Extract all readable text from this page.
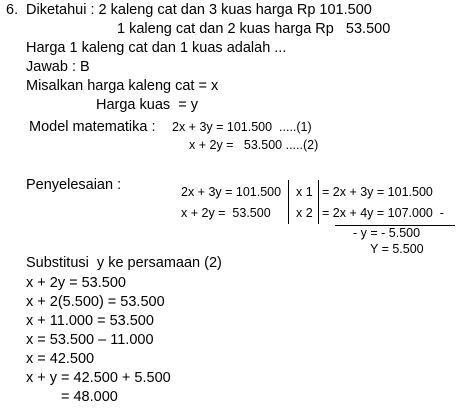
6. Diketahui : 2 kaleng cat dan 3 kuas harga Rp 101.500
1 kaleng cat dan 2 kuas harga Rp   53.500
Harga 1 kaleng cat dan 1 kuas adalah ...
Jawab : B
Misalkan harga kaleng cat = x
Harga kuas  = y
Model matematika : 2x + 3y = 101.500  .....(1)
x + 2y =   53.500 .....(2)
Penyelesaian :	2x + 3y = 101.500
x + 2y =  53.500
x 1
x 2
= 2x + 3y = 101.500
= 2x + 4y = 107.000  -
- y = - 5.500
Y = 5.500
Substitusi  y ke persamaan (2)
x + 2y = 53.500
x + 2(5.500) = 53.500
x + 11.000 = 53.500
x = 53.500 – 11.000
x = 42.500
x + y = 42.500 + 5.500
= 48.000
